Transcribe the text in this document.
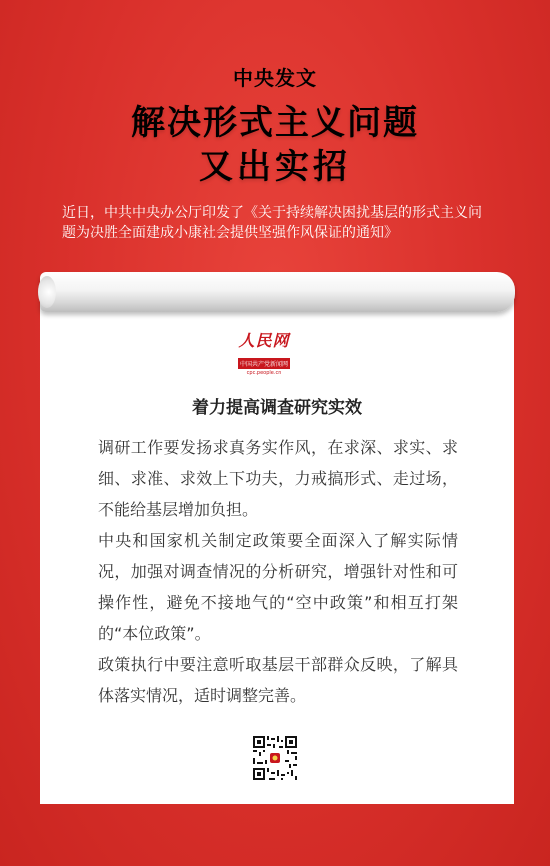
中央发文
解决形式主义问题
又出实招
近日，中共中央办公厅印发了《关于持续解决困扰基层的形式主义问题为决胜全面建成小康社会提供坚强作风保证的通知》
人民网
中国共产党新闻网
cpc.people.cn
着力提高调查研究实效

调研工作要发扬求真务实作风，在求深、求实、求细、求准、求效上下功夫，力戒搞形式、走过场，不能给基层增加负担。

中央和国家机关制定政策要全面深入了解实际情况，加强对调查情况的分析研究，增强针对性和可操作性，避免不接地气的“空中政策”和相互打架的“本位政策”。

政策执行中要注意听取基层干部群众反映，了解具体落实情况，适时调整完善。
